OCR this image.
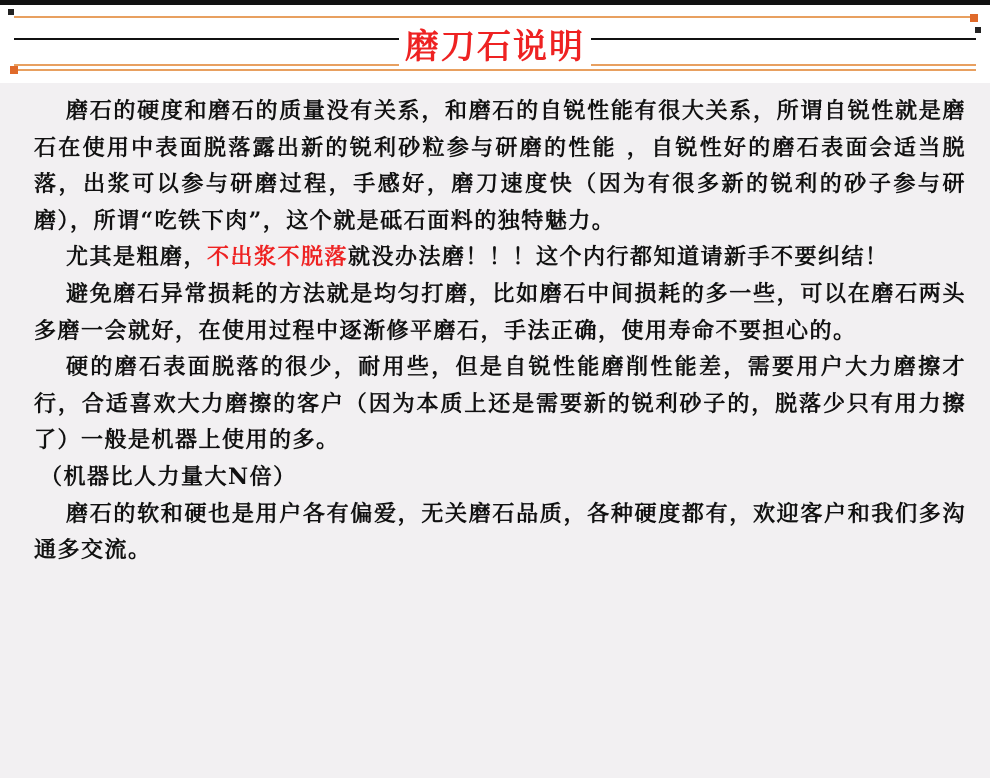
磨刀石说明

磨石的硬度和磨石的质量没有关系，和磨石的自锐性能有很大关系，所谓自锐性就是磨石在使用中表面脱落露出新的锐利砂粒参与研磨的性能 ，自锐性好的磨石表面会适当脱落，出浆可以参与研磨过程，手感好，磨刀速度快（因为有很多新的锐利的砂子参与研磨），所谓“吃铁下肉”，这个就是砥石面料的独特魅力。

尤其是粗磨，不出浆不脱落就没办法磨！！！这个内行都知道请新手不要纠结！

避免磨石异常损耗的方法就是均匀打磨，比如磨石中间损耗的多一些，可以在磨石两头多磨一会就好，在使用过程中逐渐修平磨石，手法正确，使用寿命不要担心的。

硬的磨石表面脱落的很少，耐用些，但是自锐性能磨削性能差，需要用户大力磨擦才行，合适喜欢大力磨擦的客户（因为本质上还是需要新的锐利砂子的，脱落少只有用力擦了）一般是机器上使用的多。

（机器比人力量大N倍）

磨石的软和硬也是用户各有偏爱，无关磨石品质，各种硬度都有，欢迎客户和我们多沟通多交流。
